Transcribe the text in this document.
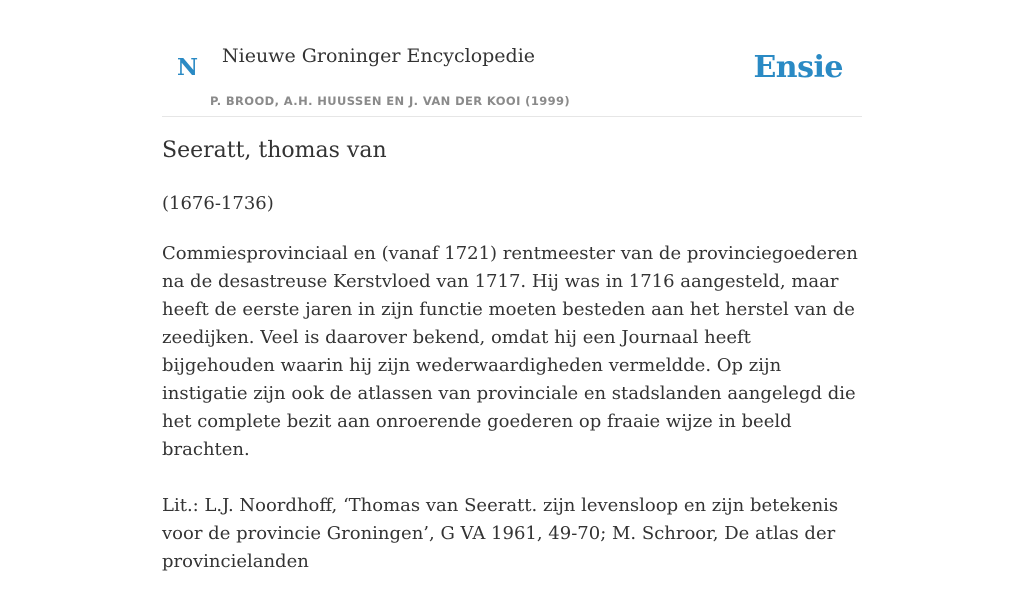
N Nieuwe Groninger Encyclopedie
P. BROOD, A.H. HUUSSEN EN J. VAN DER KOOI (1999)
Ensie
Seeratt, thomas van

(1676-1736)

Commiesprovinciaal en (vanaf 1721) rentmeester van de provinciegoederen na de desastreuse Kerstvloed van 1717. Hij was in 1716 aangesteld, maar heeft de eerste jaren in zijn functie moeten besteden aan het herstel van de zeedijken. Veel is daarover bekend, omdat hij een Journaal heeft bijgehouden waarin hij zijn wederwaardigheden vermeldde. Op zijn instigatie zijn ook de atlassen van provinciale en stadslanden aangelegd die het complete bezit aan onroerende goederen op fraaie wijze in beeld brachten.

Lit.: L.J. Noordhoff, ‘Thomas van Seeratt. zijn levensloop en zijn betekenis voor de provincie Groningen’, G VA 1961, 49-70; M. Schroor, De atlas der provincielanden
